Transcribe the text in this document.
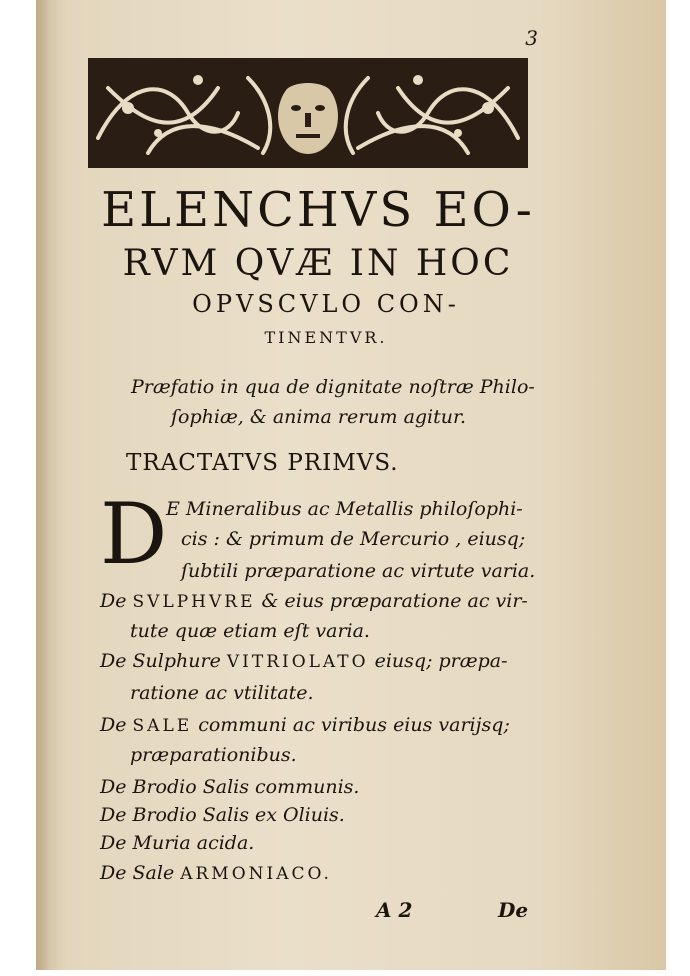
3
ELENCHVS EO-
RVM QVÆ IN HOC
OPVSCVLO CON-
TINENTVR.
Præfatio in qua de dignitate noſtræ Philo-
ſophiæ, & anima rerum agitur.
TRACTATVS PRIMVS.
D
E Mineralibus ac Metallis philoſophi-
cis : & primum de Mercurio , eiusq;
ſubtili præparatione ac virtute varia.
De SVLPHVRE & eius præparatione ac vir-
tute quæ etiam eſt varia.
De Sulphure VITRIOLATO eiusq; præpa-
ratione ac vtilitate.
De SALE communi ac viribus eius varijsq;
præparationibus.
De Brodio Salis communis.
De Brodio Salis ex Oliuis.
De Muria acida.
De Sale ARMONIACO.
A 2	De
